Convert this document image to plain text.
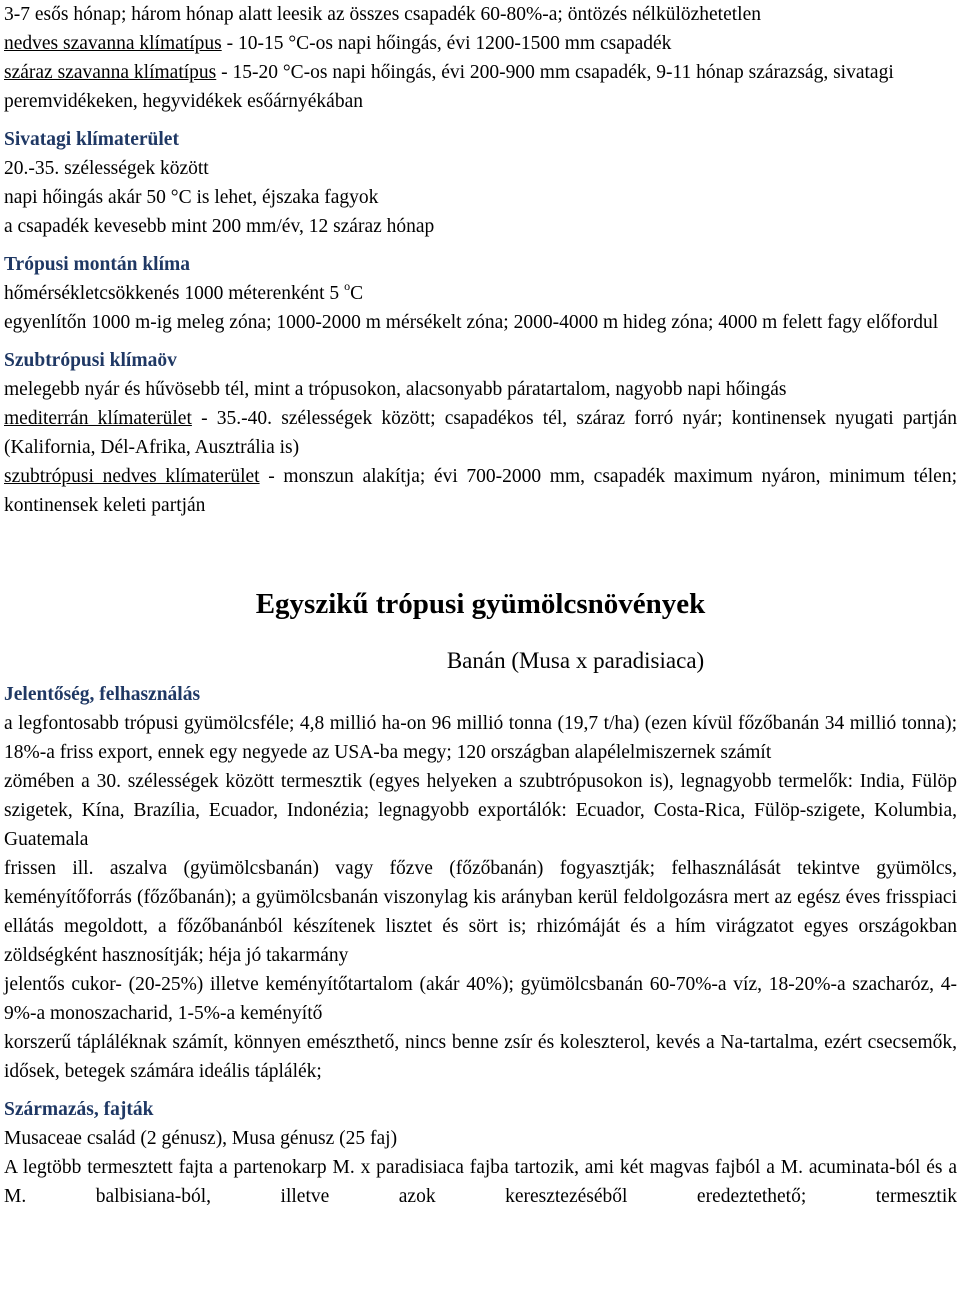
3-7 esős hónap; három hónap alatt leesik az összes csapadék 60-80%-a; öntözés nélkülözhetetlen

nedves szavanna klímatípus - 10-15 °C-os napi hőingás, évi 1200-1500 mm csapadék

száraz szavanna klímatípus - 15-20 °C-os napi hőingás, évi 200-900 mm csapadék, 9-11 hónap szárazság, sivatagi peremvidékeken, hegyvidékek esőárnyékában

Sivatagi klímaterület

20.-35. szélességek között

napi hőingás akár 50 °C is lehet, éjszaka fagyok

a csapadék kevesebb mint 200 mm/év, 12 száraz hónap

Trópusi montán klíma

hőmérsékletcsökkenés 1000 méterenként 5 $^o$C

egyenlítőn 1000 m-ig meleg zóna; 1000-2000 m mérsékelt zóna; 2000-4000 m hideg zóna; 4000 m felett fagy előfordul

Szubtrópusi klímaöv

melegebb nyár és hűvösebb tél, mint a trópusokon, alacsonyabb páratartalom, nagyobb napi hőingás

mediterrán klímaterület - 35.-40. szélességek között; csapadékos tél, száraz forró nyár; kontinensek nyugati partján (Kalifornia, Dél-Afrika, Ausztrália is)

szubtrópusi nedves klímaterület - monszun alakítja; évi 700-2000 mm, csapadék maximum nyáron, minimum télen; kontinensek keleti partján

Egyszikű trópusi gyümölcsnövények

Banán (Musa x paradisiaca)

Jelentőség, felhasználás

a legfontosabb trópusi gyümölcsféle; 4,8 millió ha-on 96 millió tonna (19,7 t/ha) (ezen kívül főzőbanán 34 millió tonna); 18%-a friss export, ennek egy negyede az USA-ba megy; 120 országban alapélelmiszernek számít

zömében a 30. szélességek között termesztik (egyes helyeken a szubtrópusokon is), legnagyobb termelők: India, Fülöp szigetek, Kína, Brazília, Ecuador, Indonézia; legnagyobb exportálók: Ecuador, Costa-Rica, Fülöp-szigete, Kolumbia, Guatemala

frissen ill. aszalva (gyümölcsbanán) vagy főzve (főzőbanán) fogyasztják; felhasználását tekintve gyümölcs, keményítőforrás (főzőbanán); a gyümölcsbanán viszonylag kis arányban kerül feldolgozásra mert az egész éves frisspiaci ellátás megoldott, a főzőbanánból készítenek lisztet és sört is; rhizómáját és a hím virágzatot egyes országokban zöldségként hasznosítják; héja jó takarmány

jelentős cukor- (20-25%) illetve keményítőtartalom (akár 40%); gyümölcsbanán 60-70%-a víz, 18-20%-a szacharóz, 4-9%-a monoszacharid, 1-5%-a keményítő

korszerű tápláléknak számít, könnyen emészthető, nincs benne zsír és koleszterol, kevés a Na-tartalma, ezért csecsemők, idősek, betegek számára ideális táplálék;

Származás, fajták

Musaceae család (2 génusz), Musa génusz (25 faj)

A legtöbb termesztett fajta a partenokarp M. x paradisiaca fajba tartozik, ami két magvas fajból a M. acuminata-ból és a M. balbisiana-ból, illetve azok keresztezéséből eredeztethető; termesztik
